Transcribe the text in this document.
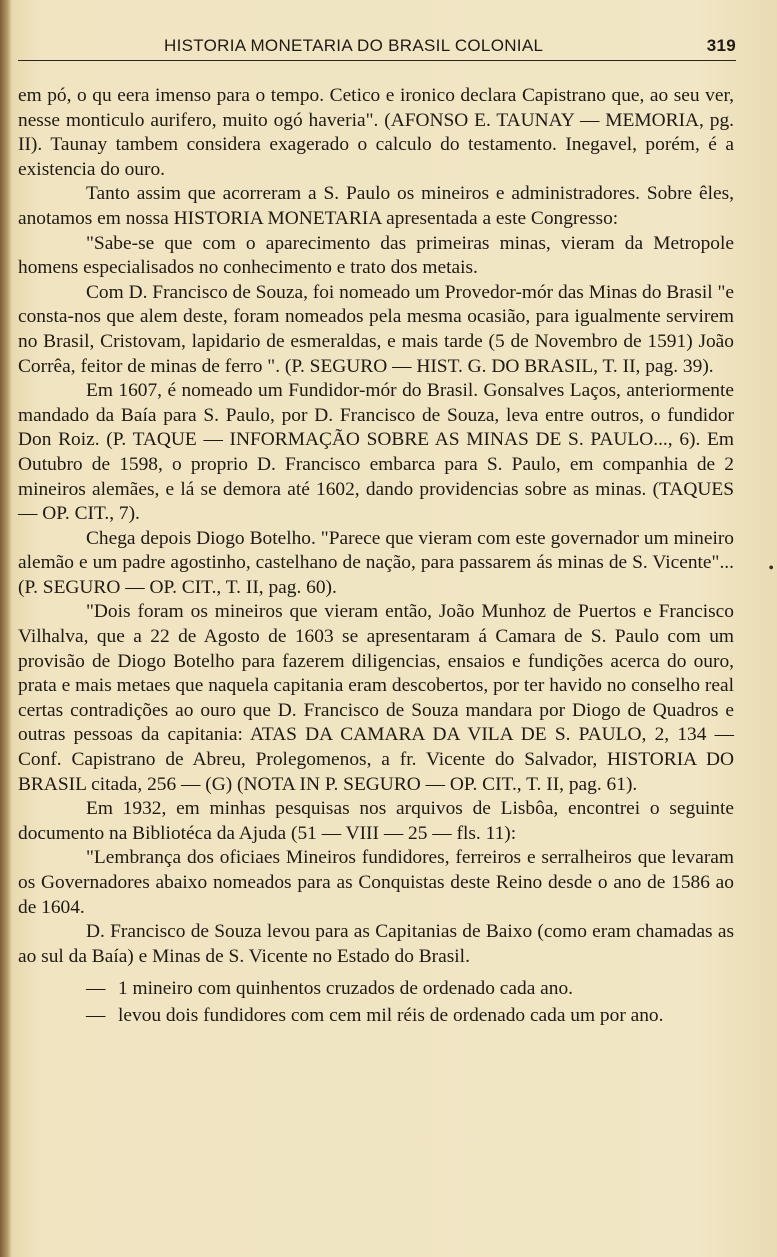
HISTORIA MONETARIA DO BRASIL COLONIAL	319

em pó, o qu eera imenso para o tempo. Cetico e ironico declara Capistrano que, ao seu ver, nesse monticulo aurifero, muito ogó haveria". (AFONSO E. TAUNAY — MEMORIA, pg. II). Taunay tambem considera exagerado o calculo do testamento. Inegavel, porém, é a existencia do ouro.

Tanto assim que acorreram a S. Paulo os mineiros e administradores. Sobre êles, anotamos em nossa HISTORIA MONETARIA apresentada a este Congresso:

"Sabe-se que com o aparecimento das primeiras minas, vieram da Metropole homens especialisados no conhecimento e trato dos metais.

Com D. Francisco de Souza, foi nomeado um Provedor-mór das Minas do Brasil "e consta-nos que alem deste, foram nomeados pela mesma ocasião, para igualmente servirem no Brasil, Cristovam, lapidario de esmeraldas, e mais tarde (5 de Novembro de 1591) João Corrêa, feitor de minas de ferro ". (P. SEGURO — HIST. G. DO BRASIL, T. II, pag. 39).

Em 1607, é nomeado um Fundidor-mór do Brasil. Gonsalves Laços, anteriormente mandado da Baía para S. Paulo, por D. Francisco de Souza, leva entre outros, o fundidor Don Roiz. (P. TAQUE — INFORMAÇÃO SOBRE AS MINAS DE S. PAULO..., 6). Em Outubro de 1598, o proprio D. Francisco embarca para S. Paulo, em companhia de 2 mineiros alemães, e lá se demora até 1602, dando providencias sobre as minas. (TAQUES — OP. CIT., 7).

Chega depois Diogo Botelho. "Parece que vieram com este governador um mineiro alemão e um padre agostinho, castelhano de nação, para passarem ás minas de S. Vicente"... (P. SEGURO — OP. CIT., T. II, pag. 60).

"Dois foram os mineiros que vieram então, João Munhoz de Puertos e Francisco Vilhalva, que a 22 de Agosto de 1603 se apresentaram á Camara de S. Paulo com um provisão de Diogo Botelho para fazerem diligencias, ensaios e fundições acerca do ouro, prata e mais metaes que naquela capitania eram descobertos, por ter havido no conselho real certas contradições ao ouro que D. Francisco de Souza mandara por Diogo de Quadros e outras pessoas da capitania: ATAS DA CAMARA DA VILA DE S. PAULO, 2, 134 — Conf. Capistrano de Abreu, Prolegomenos, a fr. Vicente do Salvador, HISTORIA DO BRASIL citada, 256 — (G) (NOTA IN P. SEGURO — OP. CIT., T. II, pag. 61).

Em 1932, em minhas pesquisas nos arquivos de Lisbôa, encontrei o seguinte documento na Bibliotéca da Ajuda (51 — VIII — 25 — fls. 11):

"Lembrança dos oficiaes Mineiros fundidores, ferreiros e serralheiros que levaram os Governadores abaixo nomeados para as Conquistas deste Reino desde o ano de 1586 ao de 1604.

D. Francisco de Souza levou para as Capitanias de Baixo (como eram chamadas as ao sul da Baía) e Minas de S. Vicente no Estado do Brasil.

— 1 mineiro com quinhentos cruzados de ordenado cada ano.
— levou dois fundidores com cem mil réis de ordenado cada um por ano.
•
